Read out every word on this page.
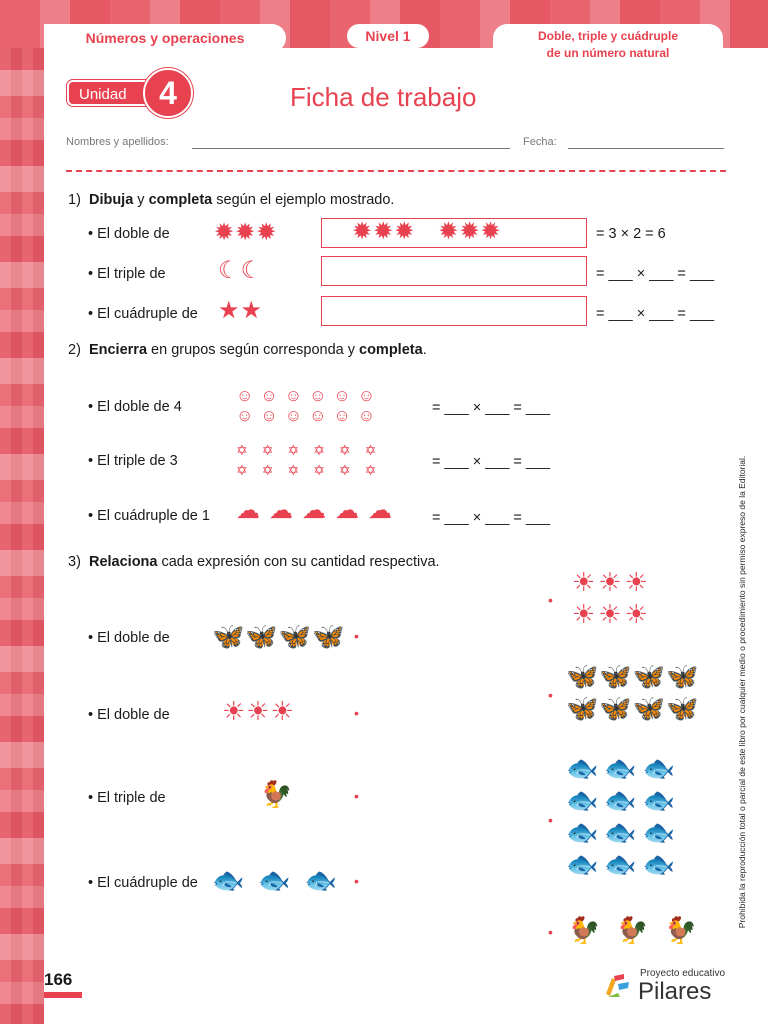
Números y operaciones	Nivel 1	Doble, triple y cuádruple
de un número natural
Unidad	4	Ficha de trabajo
Nombres y apellidos:	Fecha:
1) Dibuja y completa según el ejemplo mostrado.
• El doble de ✹✹✹	✹✹✹   ✹✹✹	= 3 × 2 = 6
• El triple de ☾☾	= ___ × ___ = ___
• El cuádruple de ★★	= ___ × ___ = ___
2) Encierra en grupos según corresponda y completa.
• El doble de 4
☺☺☺☺☺☺
☺☺☺☺☺☺	= ___ × ___ = ___
• El triple de 3
✡✡✡✡✡✡
✡✡✡✡✡✡	= ___ × ___ = ___
• El cuádruple de 1 ☁☁☁☁☁ = ___ × ___ = ___
3) Relaciona cada expresión con su cantidad respectiva.
• El doble de 🦋🦋🦋🦋 •
• El doble de ☀☀☀	•
• El triple de	🐓	•
• El cuádruple de 🐟🐟🐟 •
•
☀☀☀
☀☀☀
•
🦋🦋🦋🦋
🦋🦋🦋🦋
•
🐟🐟🐟
🐟🐟🐟
🐟🐟🐟
🐟🐟🐟
• 🐓🐓🐓
Prohibida la reproducción total o parcial de este libro por cualquier medio o procedimiento sin permiso expreso de la Editorial.
166	Proyecto educativo
Pilares
